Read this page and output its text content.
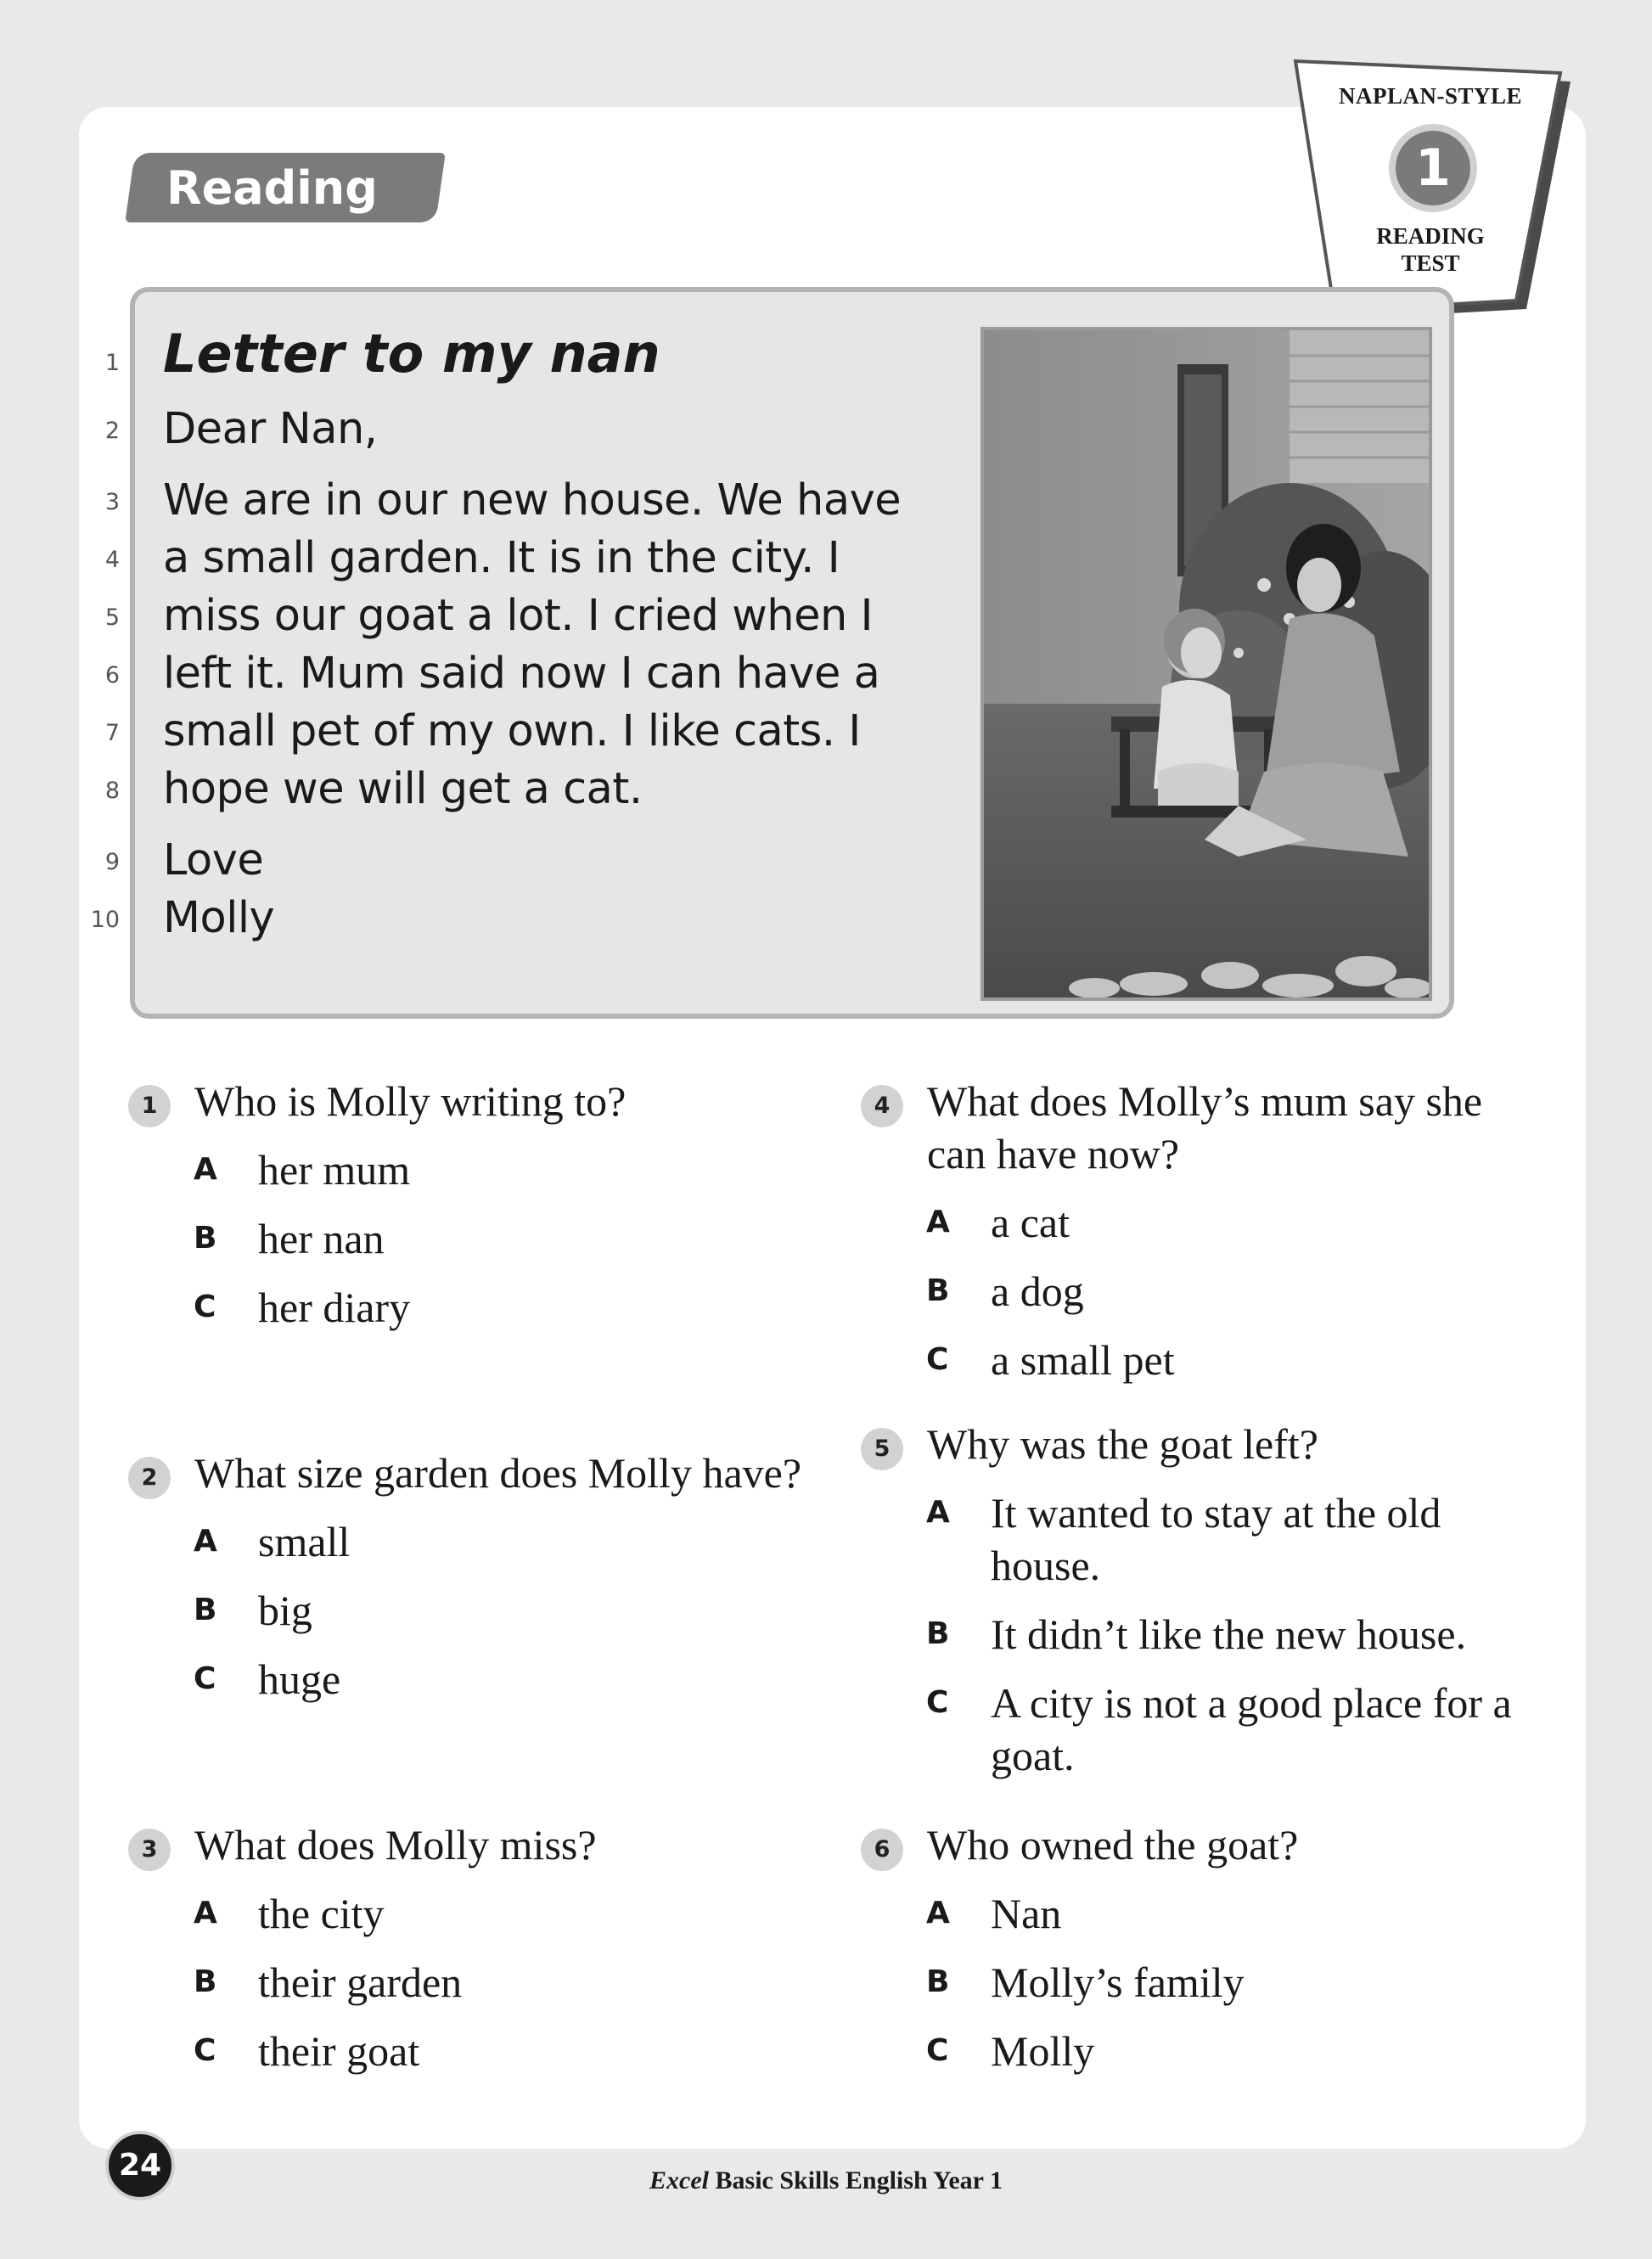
Reading
NAPLAN-STYLE
1
READING
TEST
Letter to my nan
1
2 Dear Nan,
3 We are in our new house. We have
4 a small garden. It is in the city. I
5 miss our goat a lot. I cried when I
6 left it. Mum said now I can have a
7 small pet of my own. I like cats. I
8 hope we will get a cat.
9 Love
10 Molly
1 Who is Molly writing to?
A her mum
B her nan
C her diary
2 What size garden does Molly have?
A small
B big
C huge
3 What does Molly miss?
A the city
B their garden
C their goat
4 What does Molly’s mum say she
can have now?
A a cat
B a dog
C a small pet
5 Why was the goat left?
A It wanted to stay at the old
house.
B It didn’t like the new house.
C A city is not a good place for a
goat.
6 Who owned the goat?
A Nan
B Molly’s family
C Molly
24	Excel Basic Skills English Year 1
